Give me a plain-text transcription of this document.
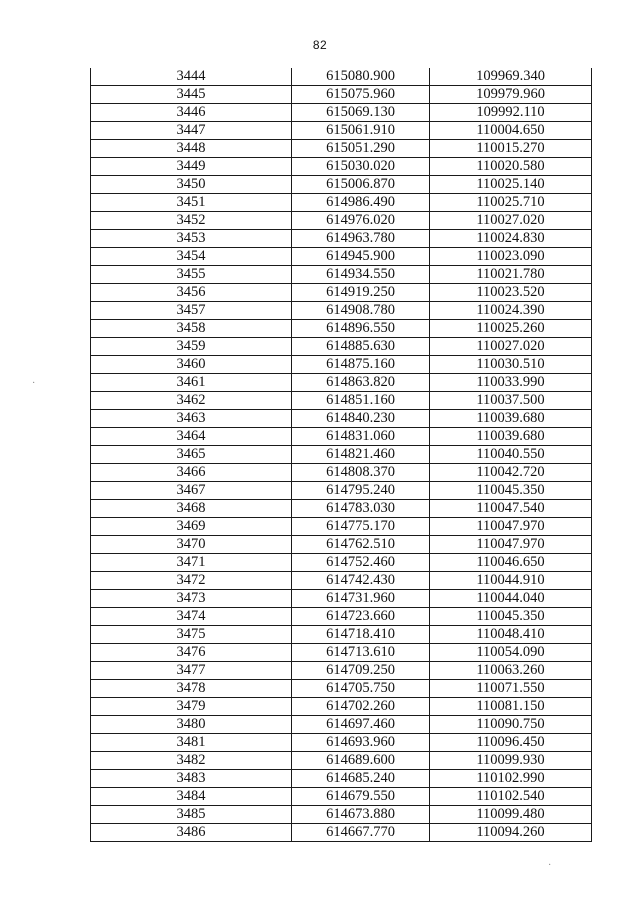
82
3444	615080.900	109969.340
3445	615075.960	109979.960
3446	615069.130	109992.110
3447	615061.910	110004.650
3448	615051.290	110015.270
3449	615030.020	110020.580
3450	615006.870	110025.140
3451	614986.490	110025.710
3452	614976.020	110027.020
3453	614963.780	110024.830
3454	614945.900	110023.090
3455	614934.550	110021.780
3456	614919.250	110023.520
3457	614908.780	110024.390
3458	614896.550	110025.260
3459	614885.630	110027.020
3460	614875.160	110030.510
3461	614863.820	110033.990
3462	614851.160	110037.500
3463	614840.230	110039.680
3464	614831.060	110039.680
3465	614821.460	110040.550
3466	614808.370	110042.720
3467	614795.240	110045.350
3468	614783.030	110047.540
3469	614775.170	110047.970
3470	614762.510	110047.970
3471	614752.460	110046.650
3472	614742.430	110044.910
3473	614731.960	110044.040
3474	614723.660	110045.350
3475	614718.410	110048.410
3476	614713.610	110054.090
3477	614709.250	110063.260
3478	614705.750	110071.550
3479	614702.260	110081.150
3480	614697.460	110090.750
3481	614693.960	110096.450
3482	614689.600	110099.930
3483	614685.240	110102.990
3484	614679.550	110102.540
3485	614673.880	110099.480
3486	614667.770	110094.260
·
·
